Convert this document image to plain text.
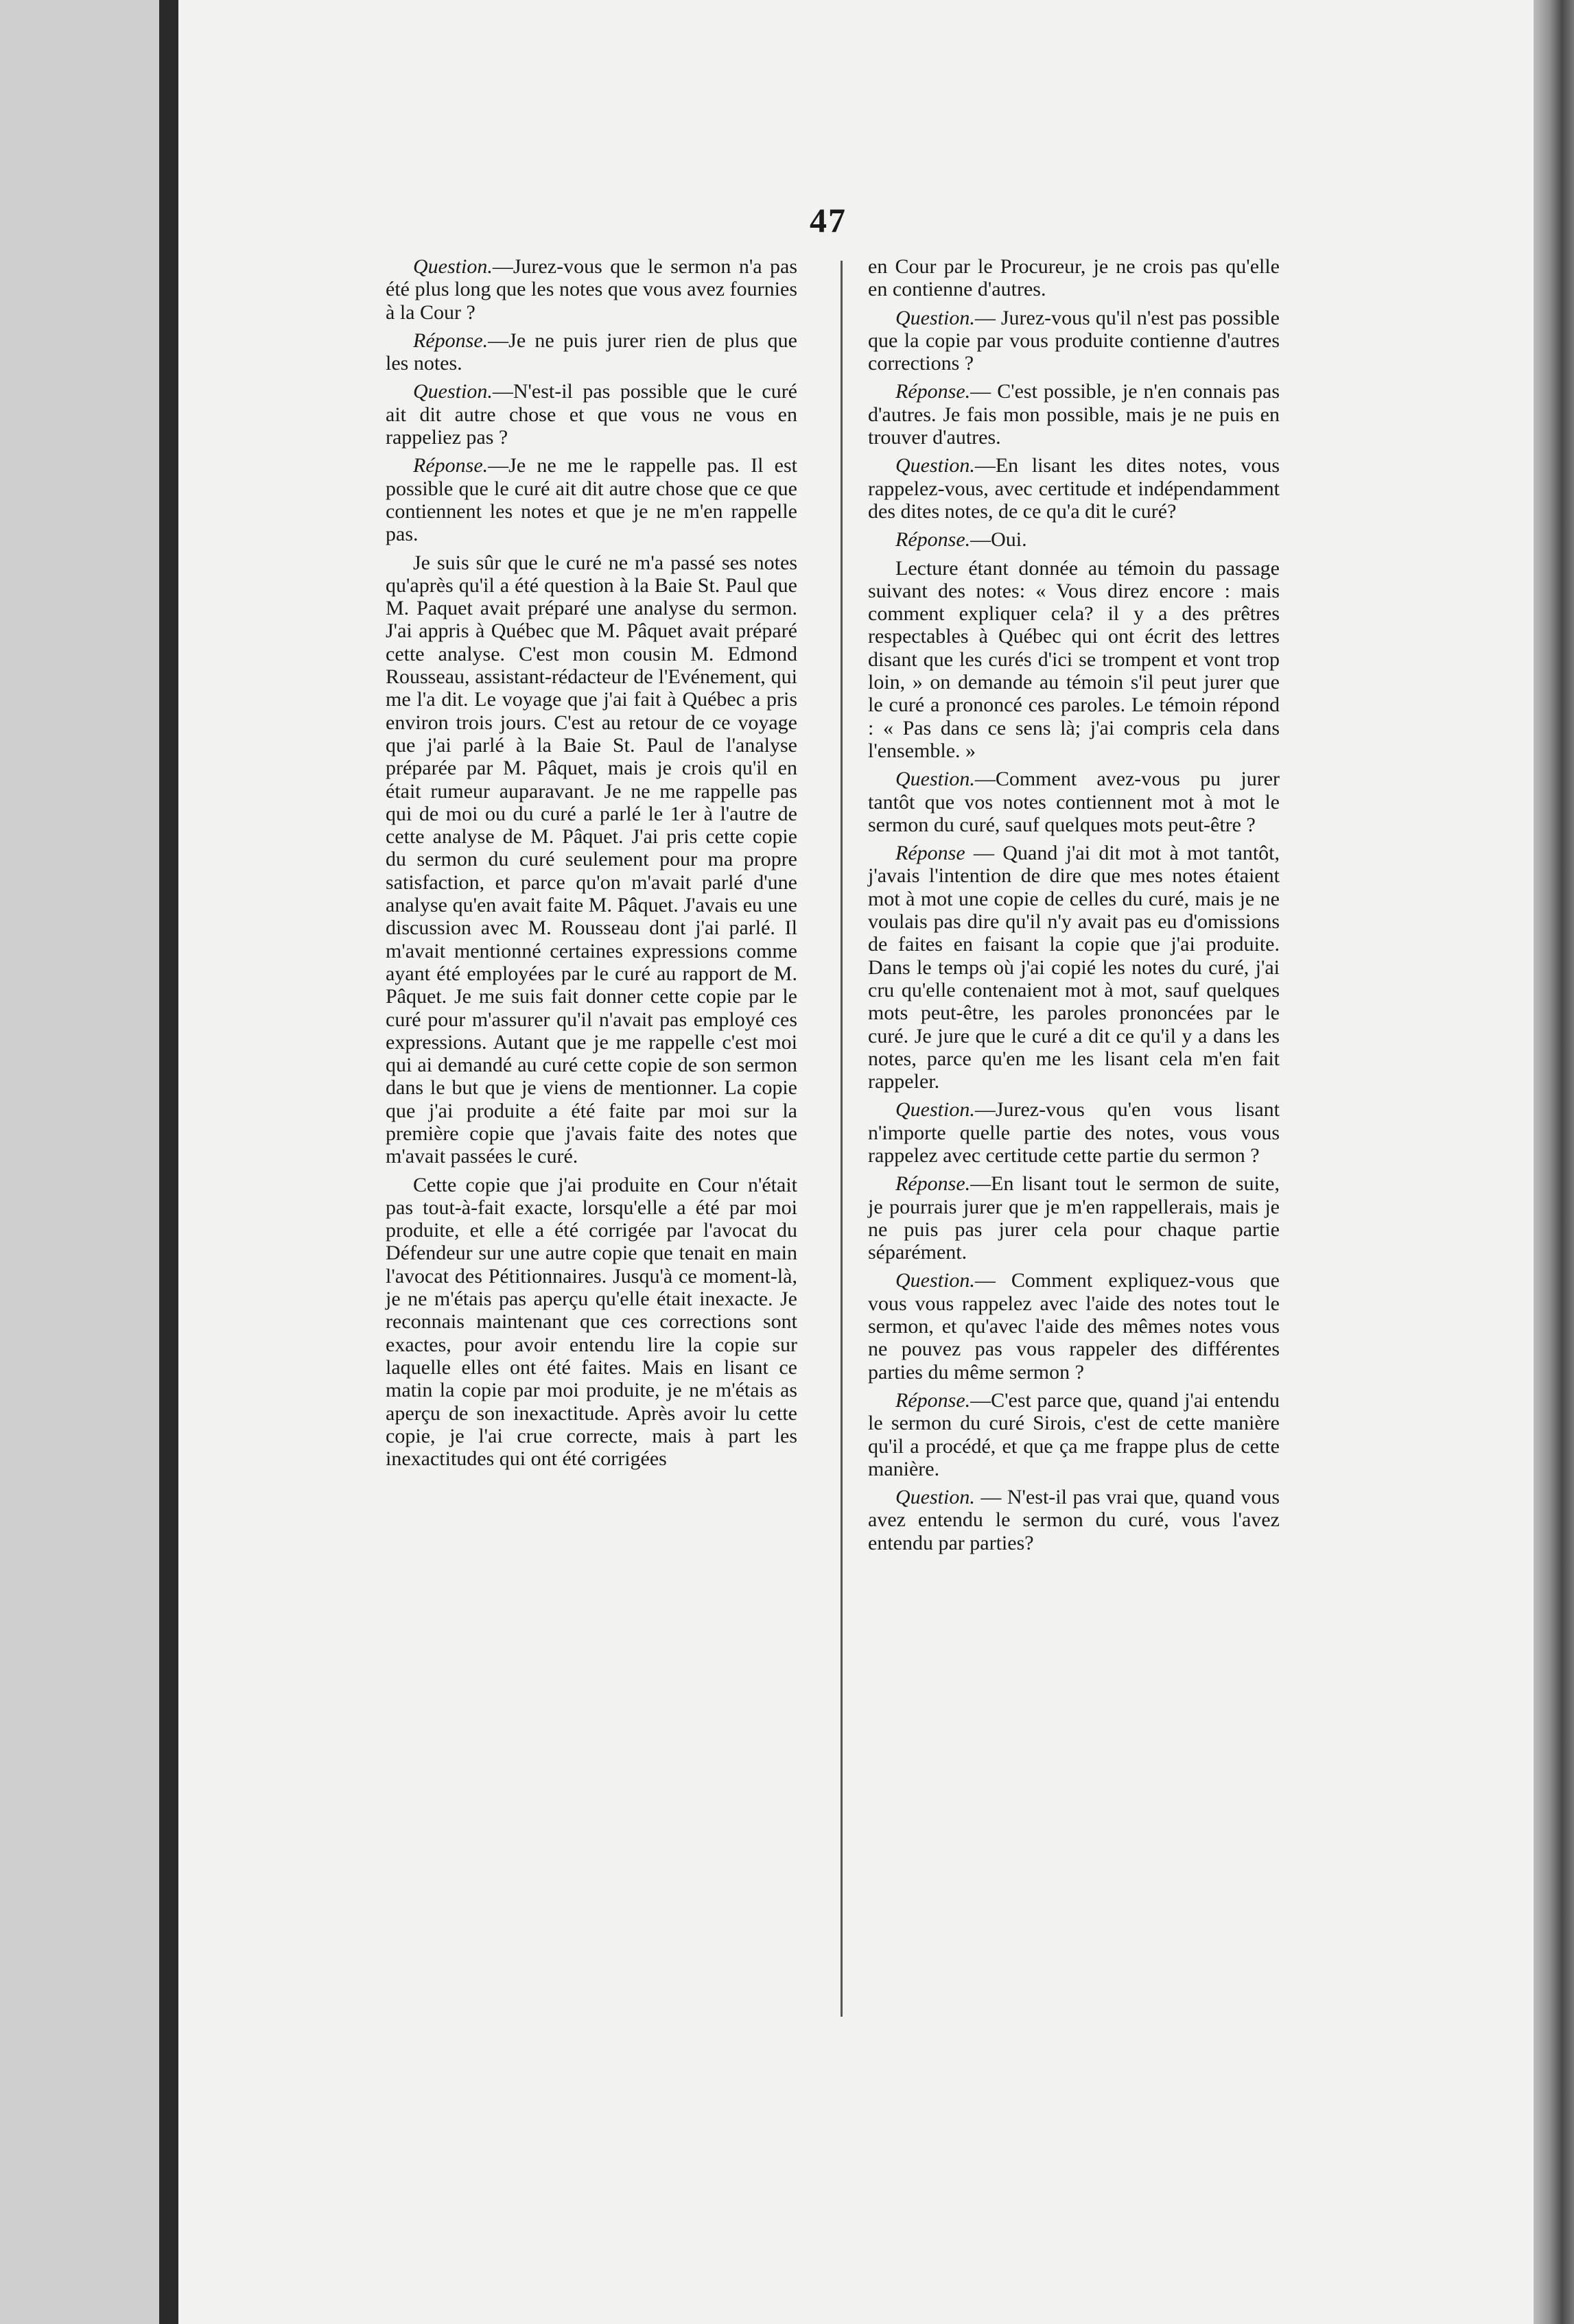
47

Question.—Jurez-vous que le sermon n'a pas été plus long que les notes que vous avez fournies à la Cour ?

Réponse.—Je ne puis jurer rien de plus que les notes.

Question.—N'est-il pas possible que le curé ait dit autre chose et que vous ne vous en rappeliez pas ?

Réponse.—Je ne me le rappelle pas. Il est possible que le curé ait dit autre chose que ce que contiennent les notes et que je ne m'en rappelle pas.

Je suis sûr que le curé ne m'a passé ses notes qu'après qu'il a été question à la Baie St. Paul que M. Paquet avait préparé une analyse du sermon. J'ai appris à Québec que M. Pâquet avait préparé cette analyse. C'est mon cousin M. Edmond Rousseau, assistant-rédacteur de l'Evénement, qui me l'a dit. Le voyage que j'ai fait à Québec a pris environ trois jours. C'est au retour de ce voyage que j'ai parlé à la Baie St. Paul de l'analyse préparée par M. Pâquet, mais je crois qu'il en était rumeur auparavant. Je ne me rappelle pas qui de moi ou du curé a parlé le 1er à l'autre de cette analyse de M. Pâquet. J'ai pris cette copie du sermon du curé seulement pour ma propre satisfaction, et parce qu'on m'avait parlé d'une analyse qu'en avait faite M. Pâquet. J'avais eu une discussion avec M. Rousseau dont j'ai parlé. Il m'avait mentionné certaines expressions comme ayant été employées par le curé au rapport de M. Pâquet. Je me suis fait donner cette copie par le curé pour m'assurer qu'il n'avait pas employé ces expressions. Autant que je me rappelle c'est moi qui ai demandé au curé cette copie de son sermon dans le but que je viens de mentionner. La copie que j'ai produite a été faite par moi sur la première copie que j'avais faite des notes que m'avait passées le curé.

Cette copie que j'ai produite en Cour n'était pas tout-à-fait exacte, lorsqu'elle a été par moi produite, et elle a été corrigée par l'avocat du Défendeur sur une autre copie que tenait en main l'avocat des Pétitionnaires. Jusqu'à ce moment-là, je ne m'étais pas aperçu qu'elle était inexacte. Je reconnais maintenant que ces corrections sont exactes, pour avoir entendu lire la copie sur laquelle elles ont été faites. Mais en lisant ce matin la copie par moi produite, je ne m'étais as aperçu de son inexactitude. Après avoir lu cette copie, je l'ai crue correcte, mais à part les inexactitudes qui ont été corrigées

en Cour par le Procureur, je ne crois pas qu'elle en contienne d'autres.

Question.— Jurez-vous qu'il n'est pas possible que la copie par vous produite contienne d'autres corrections ?

Réponse.— C'est possible, je n'en connais pas d'autres. Je fais mon possible, mais je ne puis en trouver d'autres.

Question.—En lisant les dites notes, vous rappelez-vous, avec certitude et indépendamment des dites notes, de ce qu'a dit le curé?

Réponse.—Oui.

Lecture étant donnée au témoin du passage suivant des notes: « Vous direz encore : mais comment expliquer cela? il y a des prêtres respectables à Québec qui ont écrit des lettres disant que les curés d'ici se trompent et vont trop loin, » on demande au témoin s'il peut jurer que le curé a prononcé ces paroles. Le témoin répond : « Pas dans ce sens là; j'ai compris cela dans l'ensemble. »

Question.—Comment avez-vous pu jurer tantôt que vos notes contiennent mot à mot le sermon du curé, sauf quelques mots peut-être ?

Réponse — Quand j'ai dit mot à mot tantôt, j'avais l'intention de dire que mes notes étaient mot à mot une copie de celles du curé, mais je ne voulais pas dire qu'il n'y avait pas eu d'omissions de faites en faisant la copie que j'ai produite. Dans le temps où j'ai copié les notes du curé, j'ai cru qu'elle contenaient mot à mot, sauf quelques mots peut-être, les paroles prononcées par le curé. Je jure que le curé a dit ce qu'il y a dans les notes, parce qu'en me les lisant cela m'en fait rappeler.

Question.—Jurez-vous qu'en vous lisant n'importe quelle partie des notes, vous vous rappelez avec certitude cette partie du sermon ?

Réponse.—En lisant tout le sermon de suite, je pourrais jurer que je m'en rappellerais, mais je ne puis pas jurer cela pour chaque partie séparément.

Question.— Comment expliquez-vous que vous vous rappelez avec l'aide des notes tout le sermon, et qu'avec l'aide des mêmes notes vous ne pouvez pas vous rappeler des différentes parties du même sermon ?

Réponse.—C'est parce que, quand j'ai entendu le sermon du curé Sirois, c'est de cette manière qu'il a procédé, et que ça me frappe plus de cette manière.

Question. — N'est-il pas vrai que, quand vous avez entendu le sermon du curé, vous l'avez entendu par parties?
